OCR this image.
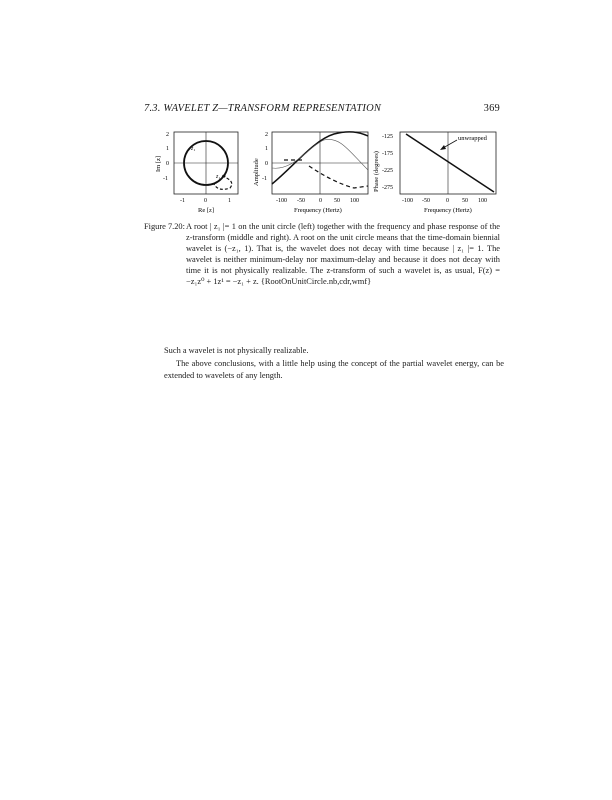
7.3. WAVELET Z—TRANSFORM REPRESENTATION	369
2
1
0
-1
Im [z]
z₁
z₁
-1	0	1
Re [z]
2
1
0
-1
Amplitude
-100 -50 0 50 100
Frequency (Hertz)
-125
-175
-225
-275
Phase (degrees)
unwrapped
-100 -50	0 50 100
Frequency (Hertz)
Figure 7.20: A root | z₁ |= 1 on the unit circle (left) together with the frequency and phase response of the z-transform (middle and right). A root on the unit circle means that the time-domain biennial wavelet is (−z₁, 1). That is, the wavelet does not decay with time because | z₁ |= 1. The wavelet is neither minimum-delay nor maximum-delay and because it does not decay with time it is not physically realizable. The z-transform of such a wavelet is, as usual, F(z) = −z₁z⁰ + 1z¹ = −z₁ + z. {RootOnUnitCircle.nb,cdr,wmf}
Such a wavelet is not physically realizable.
The above conclusions, with a little help using the concept of the partial wavelet energy, can be extended to wavelets of any length.
